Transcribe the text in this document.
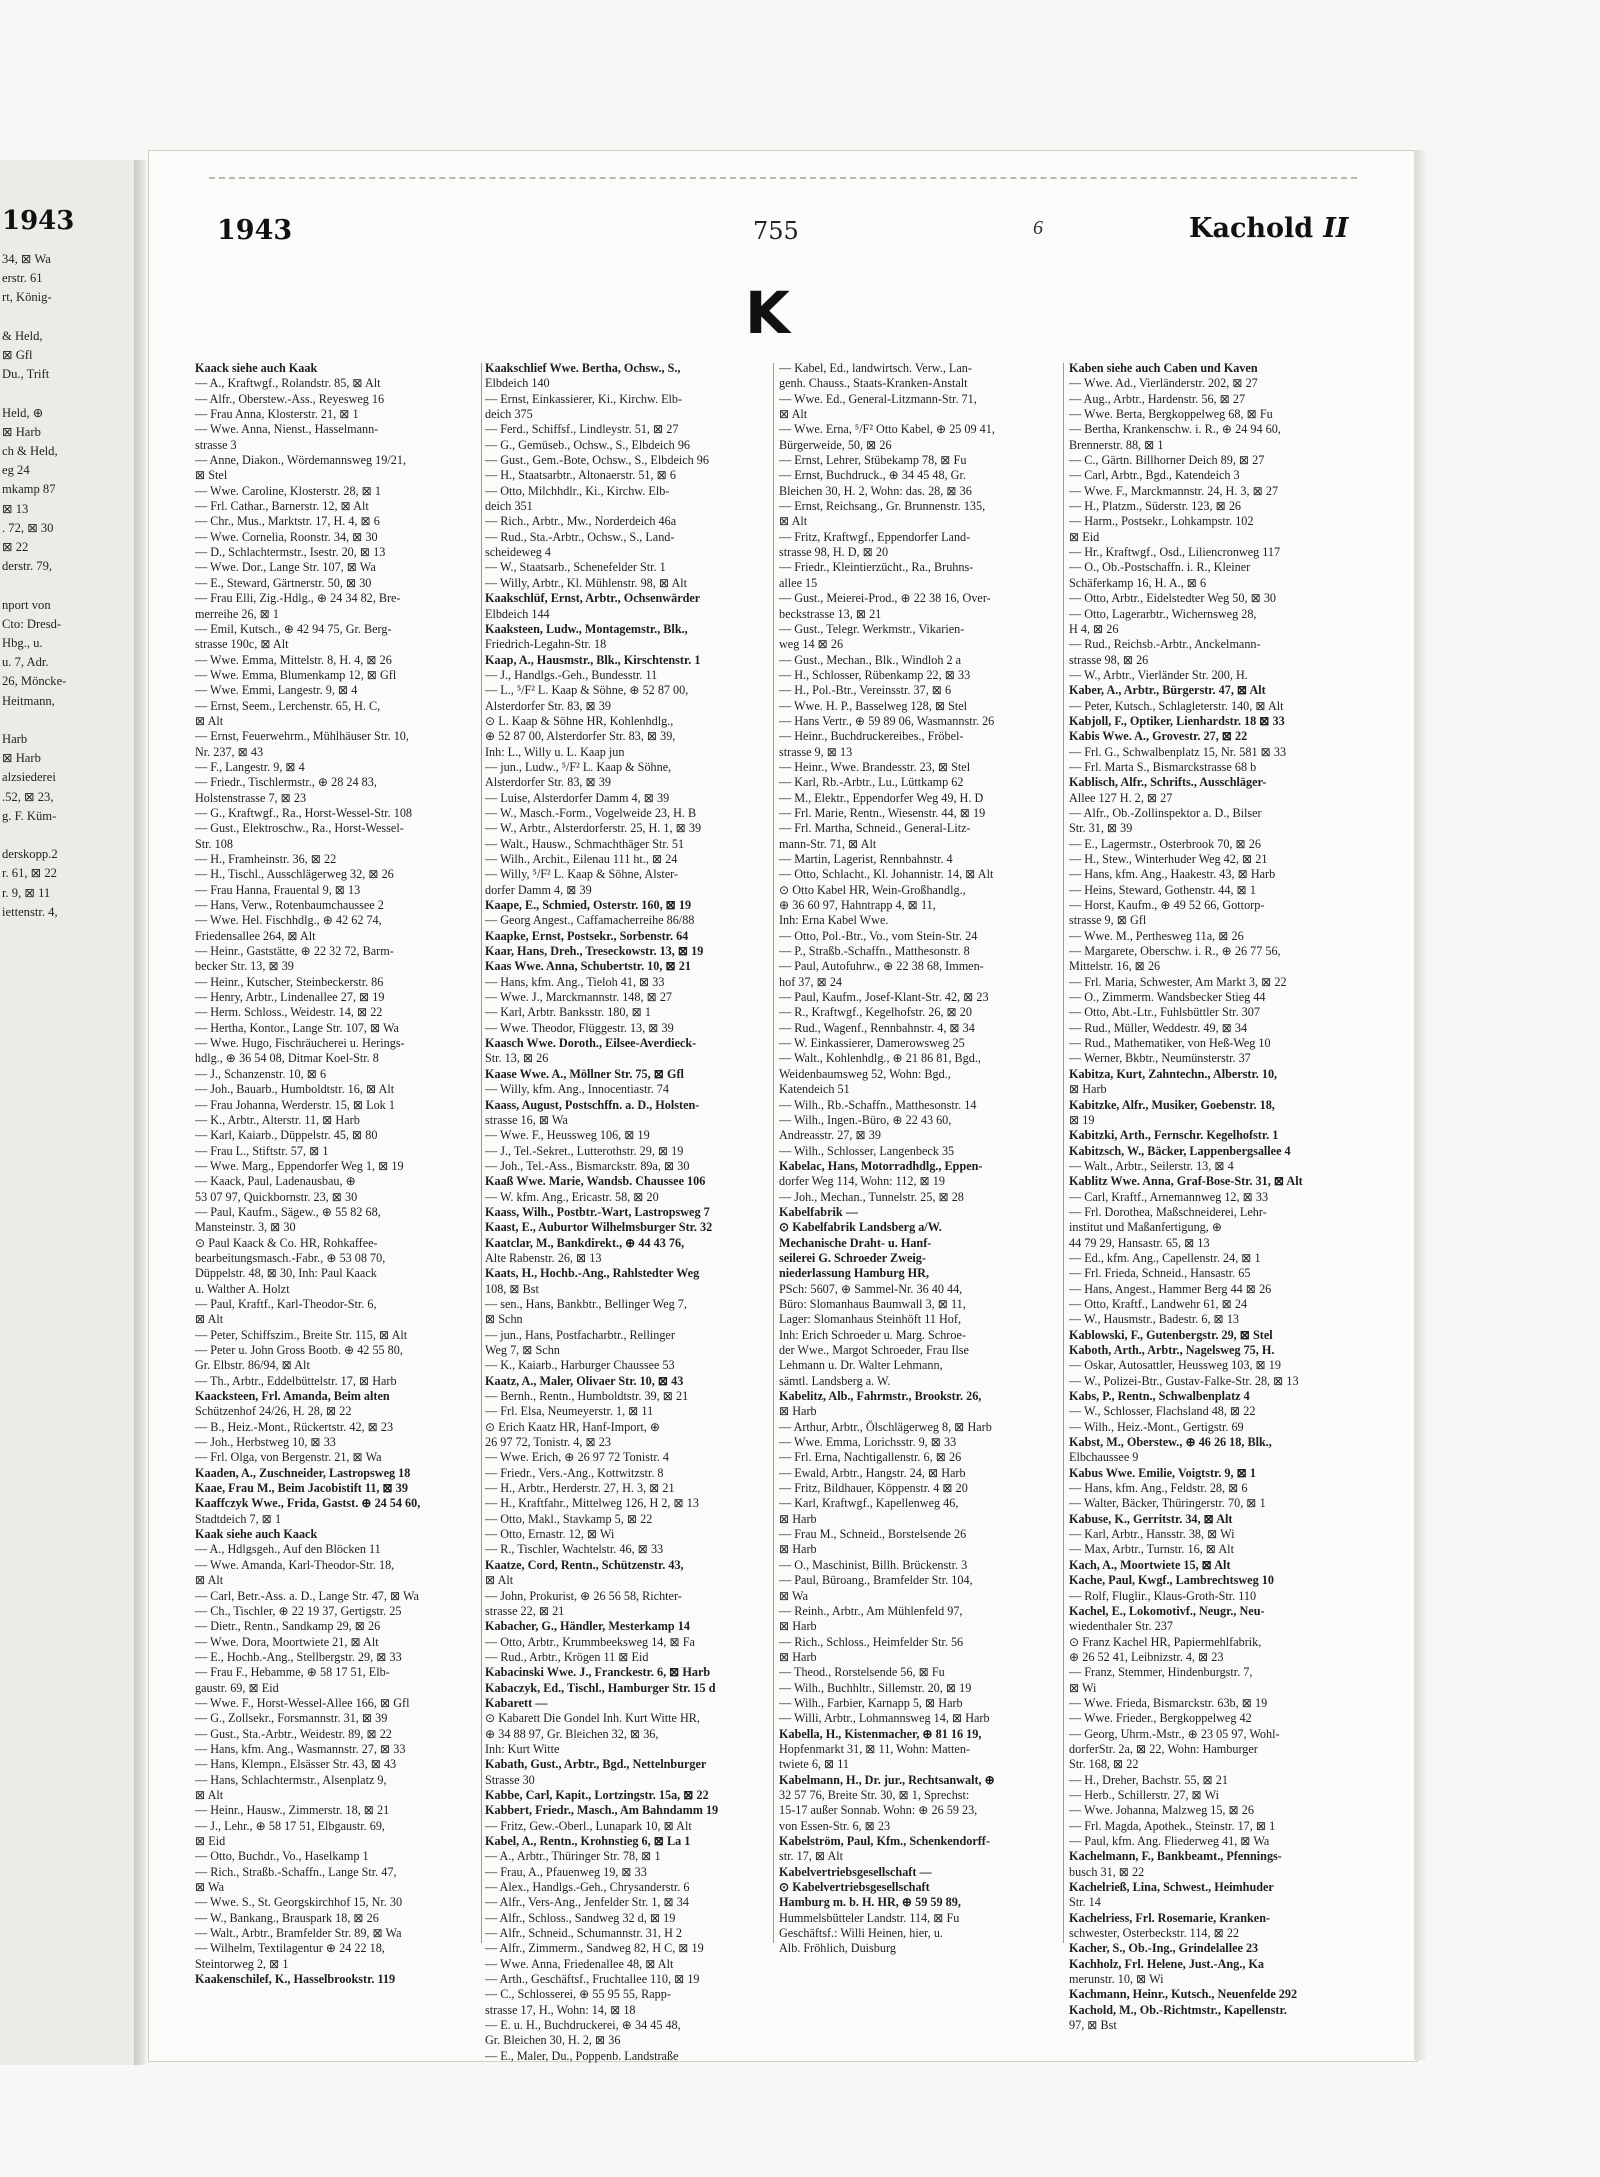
1943
34, ⊠ Wa
erstr. 61
rt, König-
& Held,
⊠ Gfl
Du., Trift
Held, ⊕
⊠ Harb
ch & Held,
eg 24
mkamp 87
⊠ 13
. 72, ⊠ 30
⊠ 22
derstr. 79,
nport von
Cto: Dresd-
Hbg., u.
u. 7, Adr.
26, Möncke-
Heitmann,
Harb
⊠ Harb
alzsiederei
.52, ⊠ 23,
g. F. Küm-
derskopp.2
r. 61, ⊠ 22
r. 9, ⊠ 11
iettenstr. 4,
1943	755	6	Kachold II
K
Kaack siehe auch Kaak
— A., Kraftwgf., Rolandstr. 85, ⊠ Alt
— Alfr., Oberstew.-Ass., Reyesweg 16
— Frau Anna, Klosterstr. 21, ⊠ 1
— Wwe. Anna, Nienst., Hasselmann-
strasse 3
— Anne, Diakon., Wördemannsweg 19/21,
⊠ Stel
— Wwe. Caroline, Klosterstr. 28, ⊠ 1
— Frl. Cathar., Barnerstr. 12, ⊠ Alt
— Chr., Mus., Marktstr. 17, H. 4, ⊠ 6
— Wwe. Cornelia, Roonstr. 34, ⊠ 30
— D., Schlachtermstr., Isestr. 20, ⊠ 13
— Wwe. Dor., Lange Str. 107, ⊠ Wa
— E., Steward, Gärtnerstr. 50, ⊠ 30
— Frau Elli, Zig.-Hdlg., ⊕ 24 34 82, Bre-
merreihe 26, ⊠ 1
— Emil, Kutsch., ⊕ 42 94 75, Gr. Berg-
strasse 190c, ⊠ Alt
— Wwe. Emma, Mittelstr. 8, H. 4, ⊠ 26
— Wwe. Emma, Blumenkamp 12, ⊠ Gfl
— Wwe. Emmi, Langestr. 9, ⊠ 4
— Ernst, Seem., Lerchenstr. 65, H. C,
⊠ Alt
— Ernst, Feuerwehrm., Mühlhäuser Str. 10,
Nr. 237, ⊠ 43
— F., Langestr. 9, ⊠ 4
— Friedr., Tischlermstr., ⊕ 28 24 83,
Holstenstrasse 7, ⊠ 23
— G., Kraftwgf., Ra., Horst-Wessel-Str. 108
— Gust., Elektroschw., Ra., Horst-Wessel-
Str. 108
— H., Framheinstr. 36, ⊠ 22
— H., Tischl., Ausschlägerweg 32, ⊠ 26
— Frau Hanna, Frauental 9, ⊠ 13
— Hans, Verw., Rotenbaumchaussee 2
— Wwe. Hel. Fischhdlg., ⊕ 42 62 74,
Friedensallee 264, ⊠ Alt
— Heinr., Gaststätte, ⊕ 22 32 72, Barm-
becker Str. 13, ⊠ 39
— Heinr., Kutscher, Steinbeckerstr. 86
— Henry, Arbtr., Lindenallee 27, ⊠ 19
— Herm. Schloss., Weidestr. 14, ⊠ 22
— Hertha, Kontor., Lange Str. 107, ⊠ Wa
— Wwe. Hugo, Fischräucherei u. Herings-
hdlg., ⊕ 36 54 08, Ditmar Koel-Str. 8
— J., Schanzenstr. 10, ⊠ 6
— Joh., Bauarb., Humboldtstr. 16, ⊠ Alt
— Frau Johanna, Werderstr. 15, ⊠ Lok 1
— K., Arbtr., Alterstr. 11, ⊠ Harb
— Karl, Kaiarb., Düppelstr. 45, ⊠ 80
— Frau L., Stiftstr. 57, ⊠ 1
— Wwe. Marg., Eppendorfer Weg 1, ⊠ 19
— Kaack, Paul, Ladenausbau, ⊕
53 07 97, Quickbornstr. 23, ⊠ 30
— Paul, Kaufm., Sägew., ⊕ 55 82 68,
Mansteinstr. 3, ⊠ 30
⊙ Paul Kaack & Co. HR, Rohkaffee-
bearbeitungsmasch.-Fabr., ⊕ 53 08 70,
Düppelstr. 48, ⊠ 30, Inh: Paul Kaack
u. Walther A. Holzt
— Paul, Kraftf., Karl-Theodor-Str. 6,
⊠ Alt
— Peter, Schiffszim., Breite Str. 115, ⊠ Alt
— Peter u. John Gross Bootb. ⊕ 42 55 80,
Gr. Elbstr. 86/94, ⊠ Alt
— Th., Arbtr., Eddelbüttelstr. 17, ⊠ Harb
Kaacksteen, Frl. Amanda, Beim alten
Schützenhof 24/26, H. 28, ⊠ 22
— B., Heiz.-Mont., Rückertstr. 42, ⊠ 23
— Joh., Herbstweg 10, ⊠ 33
— Frl. Olga, von Bergenstr. 21, ⊠ Wa
Kaaden, A., Zuschneider, Lastropsweg 18
Kaae, Frau M., Beim Jacobistift 11, ⊠ 39
Kaaffczyk Wwe., Frida, Gastst. ⊕ 24 54 60,
Stadtdeich 7, ⊠ 1
Kaak siehe auch Kaack
— A., Hdlgsgeh., Auf den Blöcken 11
— Wwe. Amanda, Karl-Theodor-Str. 18,
⊠ Alt
— Carl, Betr.-Ass. a. D., Lange Str. 47, ⊠ Wa
— Ch., Tischler, ⊕ 22 19 37, Gertigstr. 25
— Dietr., Rentn., Sandkamp 29, ⊠ 26
— Wwe. Dora, Moortwiete 21, ⊠ Alt
— E., Hochb.-Ang., Stellbergstr. 29, ⊠ 33
— Frau F., Hebamme, ⊕ 58 17 51, Elb-
gaustr. 69, ⊠ Eid
— Wwe. F., Horst-Wessel-Allee 166, ⊠ Gfl
— G., Zollsekr., Forsmannstr. 31, ⊠ 39
— Gust., Sta.-Arbtr., Weidestr. 89, ⊠ 22
— Hans, kfm. Ang., Wasmannstr. 27, ⊠ 33
— Hans, Klempn., Elsässer Str. 43, ⊠ 43
— Hans, Schlachtermstr., Alsenplatz 9,
⊠ Alt
— Heinr., Hausw., Zimmerstr. 18, ⊠ 21
— J., Lehr., ⊕ 58 17 51, Elbgaustr. 69,
⊠ Eid
— Otto, Buchdr., Vo., Haselkamp 1
— Rich., Straßb.-Schaffn., Lange Str. 47,
⊠ Wa
— Wwe. S., St. Georgskirchhof 15, Nr. 30
— W., Bankang., Brauspark 18, ⊠ 26
— Walt., Arbtr., Bramfelder Str. 89, ⊠ Wa
— Wilhelm, Textilagentur ⊕ 24 22 18,
Steintorweg 2, ⊠ 1
Kaakenschilef, K., Hasselbrookstr. 119
Kaakschlief Wwe. Bertha, Ochsw., S.,
Elbdeich 140
— Ernst, Einkassierer, Ki., Kirchw. Elb-
deich 375
— Ferd., Schiffsf., Lindleystr. 51, ⊠ 27
— G., Gemüseb., Ochsw., S., Elbdeich 96
— Gust., Gem.-Bote, Ochsw., S., Elbdeich 96
— H., Staatsarbtr., Altonaerstr. 51, ⊠ 6
— Otto, Milchhdlr., Ki., Kirchw. Elb-
deich 351
— Rich., Arbtr., Mw., Norderdeich 46a
— Rud., Sta.-Arbtr., Ochsw., S., Land-
scheideweg 4
— W., Staatsarb., Schenefelder Str. 1
— Willy, Arbtr., Kl. Mühlenstr. 98, ⊠ Alt
Kaakschlüf, Ernst, Arbtr., Ochsenwärder
Elbdeich 144
Kaaksteen, Ludw., Montagemstr., Blk.,
Friedrich-Legahn-Str. 18
Kaap, A., Hausmstr., Blk., Kirschtenstr. 1
— J., Handlgs.-Geh., Bundesstr. 11
— L., ⁵/F² L. Kaap & Söhne, ⊕ 52 87 00,
Alsterdorfer Str. 83, ⊠ 39
⊙ L. Kaap & Söhne HR, Kohlenhdlg.,
⊕ 52 87 00, Alsterdorfer Str. 83, ⊠ 39,
Inh: L., Willy u. L. Kaap jun
— jun., Ludw., ⁵/F² L. Kaap & Söhne,
Alsterdorfer Str. 83, ⊠ 39
— Luise, Alsterdorfer Damm 4, ⊠ 39
— W., Masch.-Form., Vogelweide 23, H. B
— W., Arbtr., Alsterdorferstr. 25, H. 1, ⊠ 39
— Walt., Hausw., Schmachthäger Str. 51
— Wilh., Archit., Eilenau 111 ht., ⊠ 24
— Willy, ⁵/F² L. Kaap & Söhne, Alster-
dorfer Damm 4, ⊠ 39
Kaape, E., Schmied, Osterstr. 160, ⊠ 19
— Georg Angest., Caffamacherreihe 86/88
Kaapke, Ernst, Postsekr., Sorbenstr. 64
Kaar, Hans, Dreh., Treseckowstr. 13, ⊠ 19
Kaas Wwe. Anna, Schubertstr. 10, ⊠ 21
— Hans, kfm. Ang., Tieloh 41, ⊠ 33
— Wwe. J., Marckmannstr. 148, ⊠ 27
— Karl, Arbtr. Banksstr. 180, ⊠ 1
— Wwe. Theodor, Flüggestr. 13, ⊠ 39
Kaasch Wwe. Doroth., Eilsee-Averdieck-
Str. 13, ⊠ 26
Kaase Wwe. A., Möllner Str. 75, ⊠ Gfl
— Willy, kfm. Ang., Innocentiastr. 74
Kaass, August, Postschffn. a. D., Holsten-
strasse 16, ⊠ Wa
— Wwe. F., Heussweg 106, ⊠ 19
— J., Tel.-Sekret., Lutterothstr. 29, ⊠ 19
— Joh., Tel.-Ass., Bismarckstr. 89a, ⊠ 30
Kaaß Wwe. Marie, Wandsb. Chaussee 106
— W. kfm. Ang., Ericastr. 58, ⊠ 20
Kaass, Wilh., Postbtr.-Wart, Lastropsweg 7
Kaast, E., Auburtor Wilhelmsburger Str. 32
Kaatclar, M., Bankdirekt., ⊕ 44 43 76,
Alte Rabenstr. 26, ⊠ 13
Kaats, H., Hochb.-Ang., Rahlstedter Weg
108, ⊠ Bst
— sen., Hans, Bankbtr., Bellinger Weg 7,
⊠ Schn
— jun., Hans, Postfacharbtr., Rellinger
Weg 7, ⊠ Schn
— K., Kaiarb., Harburger Chaussee 53
Kaatz, A., Maler, Olivaer Str. 10, ⊠ 43
— Bernh., Rentn., Humboldtstr. 39, ⊠ 21
— Frl. Elsa, Neumeyerstr. 1, ⊠ 11
⊙ Erich Kaatz HR, Hanf-Import, ⊕
26 97 72, Tonistr. 4, ⊠ 23
— Wwe. Erich, ⊕ 26 97 72 Tonistr. 4
— Friedr., Vers.-Ang., Kottwitzstr. 8
— H., Arbtr., Herderstr. 27, H. 3, ⊠ 21
— H., Kraftfahr., Mittelweg 126, H 2, ⊠ 13
— Otto, Makl., Stavkamp 5, ⊠ 22
— Otto, Ernastr. 12, ⊠ Wi
— R., Tischler, Wachtelstr. 46, ⊠ 33
Kaatze, Cord, Rentn., Schützenstr. 43,
⊠ Alt
— John, Prokurist, ⊕ 26 56 58, Richter-
strasse 22, ⊠ 21
Kabacher, G., Händler, Mesterkamp 14
— Otto, Arbtr., Krummbeeksweg 14, ⊠ Fa
— Rud., Arbtr., Krögen 11 ⊠ Eid
Kabacinski Wwe. J., Franckestr. 6, ⊠ Harb
Kabaczyk, Ed., Tischl., Hamburger Str. 15 d
Kabarett —
⊙ Kabarett Die Gondel Inh. Kurt Witte HR,
⊕ 34 88 97, Gr. Bleichen 32, ⊠ 36,
Inh: Kurt Witte
Kabath, Gust., Arbtr., Bgd., Nettelnburger
Strasse 30
Kabbe, Carl, Kapit., Lortzingstr. 15a, ⊠ 22
Kabbert, Friedr., Masch., Am Bahndamm 19
— Fritz, Gew.-Oberl., Lunapark 10, ⊠ Alt
Kabel, A., Rentn., Krohnstieg 6, ⊠ La 1
— A., Arbtr., Thüringer Str. 78, ⊠ 1
— Frau, A., Pfauenweg 19, ⊠ 33
— Alex., Handlgs.-Geh., Chrysanderstr. 6
— Alfr., Vers-Ang., Jenfelder Str. 1, ⊠ 34
— Alfr., Schloss., Sandweg 32 d, ⊠ 19
— Alfr., Schneid., Schumannstr. 31, H 2
— Alfr., Zimmerm., Sandweg 82, H C, ⊠ 19
— Wwe. Anna, Friedenallee 48, ⊠ Alt
— Arth., Geschäftsf., Fruchtallee 110, ⊠ 19
— C., Schlosserei, ⊕ 55 95 55, Rapp-
strasse 17, H., Wohn: 14, ⊠ 18
— E. u. H., Buchdruckerei, ⊕ 34 45 48,
Gr. Bleichen 30, H. 2, ⊠ 36
— E., Maler, Du., Poppenb. Landstraße
— Kabel, Ed., landwirtsch. Verw., Lan-
genh. Chauss., Staats-Kranken-Anstalt
— Wwe. Ed., General-Litzmann-Str. 71,
⊠ Alt
— Wwe. Erna, ⁵/F² Otto Kabel, ⊕ 25 09 41,
Bürgerweide, 50, ⊠ 26
— Ernst, Lehrer, Stübekamp 78, ⊠ Fu
— Ernst, Buchdruck., ⊕ 34 45 48, Gr.
Bleichen 30, H. 2, Wohn: das. 28, ⊠ 36
— Ernst, Reichsang., Gr. Brunnenstr. 135,
⊠ Alt
— Fritz, Kraftwgf., Eppendorfer Land-
strasse 98, H. D, ⊠ 20
— Friedr., Kleintierzücht., Ra., Bruhns-
allee 15
— Gust., Meierei-Prod., ⊕ 22 38 16, Over-
beckstrasse 13, ⊠ 21
— Gust., Telegr. Werkmstr., Vikarien-
weg 14 ⊠ 26
— Gust., Mechan., Blk., Windloh 2 a
— H., Schlosser, Rübenkamp 22, ⊠ 33
— H., Pol.-Btr., Vereinsstr. 37, ⊠ 6
— Wwe. H. P., Basselweg 128, ⊠ Stel
— Hans Vertr., ⊕ 59 89 06, Wasmannstr. 26
— Heinr., Buchdruckereibes., Fröbel-
strasse 9, ⊠ 13
— Heinr., Wwe. Brandesstr. 23, ⊠ Stel
— Karl, Rb.-Arbtr., Lu., Lüttkamp 62
— M., Elektr., Eppendorfer Weg 49, H. D
— Frl. Marie, Rentn., Wiesenstr. 44, ⊠ 19
— Frl. Martha, Schneid., General-Litz-
mann-Str. 71, ⊠ Alt
— Martin, Lagerist, Rennbahnstr. 4
— Otto, Schlacht., Kl. Johannistr. 14, ⊠ Alt
⊙ Otto Kabel HR, Wein-Großhandlg.,
⊕ 36 60 97, Hahntrapp 4, ⊠ 11,
Inh: Erna Kabel Wwe.
— Otto, Pol.-Btr., Vo., vom Stein-Str. 24
— P., Straßb.-Schaffn., Matthesonstr. 8
— Paul, Autofuhrw., ⊕ 22 38 68, Immen-
hof 37, ⊠ 24
— Paul, Kaufm., Josef-Klant-Str. 42, ⊠ 23
— R., Kraftwgf., Kegelhofstr. 26, ⊠ 20
— Rud., Wagenf., Rennbahnstr. 4, ⊠ 34
— W. Einkassierer, Damerowsweg 25
— Walt., Kohlenhdlg., ⊕ 21 86 81, Bgd.,
Weidenbaumsweg 52, Wohn: Bgd.,
Katendeich 51
— Wilh., Rb.-Schaffn., Matthesonstr. 14
— Wilh., Ingen.-Büro, ⊕ 22 43 60,
Andreasstr. 27, ⊠ 39
— Wilh., Schlosser, Langenbeck 35
Kabelac, Hans, Motorradhdlg., Eppen-
dorfer Weg 114, Wohn: 112, ⊠ 19
— Joh., Mechan., Tunnelstr. 25, ⊠ 28
Kabelfabrik —
⊙ Kabelfabrik Landsberg a/W.
Mechanische Draht- u. Hanf-
seilerei G. Schroeder Zweig-
niederlassung Hamburg HR,
PSch: 5607, ⊕ Sammel-Nr. 36 40 44,
Büro: Slomanhaus Baumwall 3, ⊠ 11,
Lager: Slomanhaus Steinhöft 11 Hof,
Inh: Erich Schroeder u. Marg. Schroe-
der Wwe., Margot Schroeder, Frau Ilse
Lehmann u. Dr. Walter Lehmann,
sämtl. Landsberg a. W.
Kabelitz, Alb., Fahrmstr., Brookstr. 26,
⊠ Harb
— Arthur, Arbtr., Ölschlägerweg 8, ⊠ Harb
— Wwe. Emma, Lorichsstr. 9, ⊠ 33
— Frl. Erna, Nachtigallenstr. 6, ⊠ 26
— Ewald, Arbtr., Hangstr. 24, ⊠ Harb
— Fritz, Bildhauer, Köppenstr. 4 ⊠ 20
— Karl, Kraftwgf., Kapellenweg 46,
⊠ Harb
— Frau M., Schneid., Borstelsende 26
⊠ Harb
— O., Maschinist, Billh. Brückenstr. 3
— Paul, Büroang., Bramfelder Str. 104,
⊠ Wa
— Reinh., Arbtr., Am Mühlenfeld 97,
⊠ Harb
— Rich., Schloss., Heimfelder Str. 56
⊠ Harb
— Theod., Rorstelsende 56, ⊠ Fu
— Wilh., Buchhltr., Sillemstr. 20, ⊠ 19
— Wilh., Farbier, Karnapp 5, ⊠ Harb
— Willi, Arbtr., Lohmannsweg 14, ⊠ Harb
Kabella, H., Kistenmacher, ⊕ 81 16 19,
Hopfenmarkt 31, ⊠ 11, Wohn: Matten-
twiete 6, ⊠ 11
Kabelmann, H., Dr. jur., Rechtsanwalt, ⊕
32 57 76, Breite Str. 30, ⊠ 1, Sprechst:
15-17 außer Sonnab. Wohn: ⊕ 26 59 23,
von Essen-Str. 6, ⊠ 23
Kabelström, Paul, Kfm., Schenkendorff-
str. 17, ⊠ Alt
Kabelvertriebsgesellschaft —
⊙ Kabelvertriebsgesellschaft
Hamburg m. b. H. HR, ⊕ 59 59 89,
Hummelsbütteler Landstr. 114, ⊠ Fu
Geschäftsf.: Willi Heinen, hier, u.
Alb. Fröhlich, Duisburg
Kaben siehe auch Caben und Kaven
— Wwe. Ad., Vierländerstr. 202, ⊠ 27
— Aug., Arbtr., Hardenstr. 56, ⊠ 27
— Wwe. Berta, Bergkoppelweg 68, ⊠ Fu
— Bertha, Krankenschw. i. R., ⊕ 24 94 60,
Brennerstr. 88, ⊠ 1
— C., Gärtn. Billhorner Deich 89, ⊠ 27
— Carl, Arbtr., Bgd., Katendeich 3
— Wwe. F., Marckmannstr. 24, H. 3, ⊠ 27
— H., Platzm., Süderstr. 123, ⊠ 26
— Harm., Postsekr., Lohkampstr. 102
⊠ Eid
— Hr., Kraftwgf., Osd., Liliencronweg 117
— O., Ob.-Postschaffn. i. R., Kleiner
Schäferkamp 16, H. A., ⊠ 6
— Otto, Arbtr., Eidelstedter Weg 50, ⊠ 30
— Otto, Lagerarbtr., Wichernsweg 28,
H 4, ⊠ 26
— Rud., Reichsb.-Arbtr., Anckelmann-
strasse 98, ⊠ 26
— W., Arbtr., Vierländer Str. 200, H.
Kaber, A., Arbtr., Bürgerstr. 47, ⊠ Alt
— Peter, Kutsch., Schlagleterstr. 140, ⊠ Alt
Kabjoll, F., Optiker, Lienhardstr. 18 ⊠ 33
Kabis Wwe. A., Grovestr. 27, ⊠ 22
— Frl. G., Schwalbenplatz 15, Nr. 581 ⊠ 33
— Frl. Marta S., Bismarckstrasse 68 b
Kablisch, Alfr., Schrifts., Ausschläger-
Allee 127 H. 2, ⊠ 27
— Alfr., Ob.-Zollinspektor a. D., Bilser
Str. 31, ⊠ 39
— E., Lagermstr., Osterbrook 70, ⊠ 26
— H., Stew., Winterhuder Weg 42, ⊠ 21
— Hans, kfm. Ang., Haakestr. 43, ⊠ Harb
— Heins, Steward, Gothenstr. 44, ⊠ 1
— Horst, Kaufm., ⊕ 49 52 66, Gottorp-
strasse 9, ⊠ Gfl
— Wwe. M., Perthesweg 11a, ⊠ 26
— Margarete, Oberschw. i. R., ⊕ 26 77 56,
Mittelstr. 16, ⊠ 26
— Frl. Maria, Schwester, Am Markt 3, ⊠ 22
— O., Zimmerm. Wandsbecker Stieg 44
— Otto, Abt.-Ltr., Fuhlsbüttler Str. 307
— Rud., Müller, Weddestr. 49, ⊠ 34
— Rud., Mathematiker, von Heß-Weg 10
— Werner, Bkbtr., Neumünsterstr. 37
Kabitza, Kurt, Zahntechn., Alberstr. 10,
⊠ Harb
Kabitzke, Alfr., Musiker, Goebenstr. 18,
⊠ 19
Kabitzki, Arth., Fernschr. Kegelhofstr. 1
Kabitzsch, W., Bäcker, Lappenbergsallee 4
— Walt., Arbtr., Seilerstr. 13, ⊠ 4
Kablitz Wwe. Anna, Graf-Bose-Str. 31, ⊠ Alt
— Carl, Kraftf., Arnemannweg 12, ⊠ 33
— Frl. Dorothea, Maßschneiderei, Lehr-
institut und Maßanfertigung, ⊕
44 79 29, Hansastr. 65, ⊠ 13
— Ed., kfm. Ang., Capellenstr. 24, ⊠ 1
— Frl. Frieda, Schneid., Hansastr. 65
— Hans, Angest., Hammer Berg 44 ⊠ 26
— Otto, Kraftf., Landwehr 61, ⊠ 24
— W., Hausmstr., Badestr. 6, ⊠ 13
Kablowski, F., Gutenbergstr. 29, ⊠ Stel
Kaboth, Arth., Arbtr., Nagelsweg 75, H.
— Oskar, Autosattler, Heussweg 103, ⊠ 19
— W., Polizei-Btr., Gustav-Falke-Str. 28, ⊠ 13
Kabs, P., Rentn., Schwalbenplatz 4
— W., Schlosser, Flachsland 48, ⊠ 22
— Wilh., Heiz.-Mont., Gertigstr. 69
Kabst, M., Oberstew., ⊕ 46 26 18, Blk.,
Elbchaussee 9
Kabus Wwe. Emilie, Voigtstr. 9, ⊠ 1
— Hans, kfm. Ang., Feldstr. 28, ⊠ 6
— Walter, Bäcker, Thüringerstr. 70, ⊠ 1
Kabuse, K., Gerritstr. 34, ⊠ Alt
— Karl, Arbtr., Hansstr. 38, ⊠ Wi
— Max, Arbtr., Turnstr. 16, ⊠ Alt
Kach, A., Moortwiete 15, ⊠ Alt
Kache, Paul, Kwgf., Lambrechtsweg 10
— Rolf, Fluglir., Klaus-Groth-Str. 110
Kachel, E., Lokomotivf., Neugr., Neu-
wiedenthaler Str. 237
⊙ Franz Kachel HR, Papiermehlfabrik,
⊕ 26 52 41, Leibnizstr. 4, ⊠ 23
— Franz, Stemmer, Hindenburgstr. 7,
⊠ Wi
— Wwe. Frieda, Bismarckstr. 63b, ⊠ 19
— Wwe. Frieder., Bergkoppelweg 42
— Georg, Uhrm.-Mstr., ⊕ 23 05 97, Wohl-
dorferStr. 2a, ⊠ 22, Wohn: Hamburger
Str. 168, ⊠ 22
— H., Dreher, Bachstr. 55, ⊠ 21
— Herb., Schillerstr. 27, ⊠ Wi
— Wwe. Johanna, Malzweg 15, ⊠ 26
— Frl. Magda, Apothek., Steinstr. 17, ⊠ 1
— Paul, kfm. Ang. Fliederweg 41, ⊠ Wa
Kachelmann, F., Bankbeamt., Pfennings-
busch 31, ⊠ 22
Kachelrieß, Lina, Schwest., Heimhuder
Str. 14
Kachelriess, Frl. Rosemarie, Kranken-
schwester, Osterbeckstr. 114, ⊠ 22
Kacher, S., Ob.-Ing., Grindelallee 23
Kachholz, Frl. Helene, Just.-Ang., Ka
merunstr. 10, ⊠ Wi
Kachmann, Heinr., Kutsch., Neuenfelde 292
Kachold, M., Ob.-Richtmstr., Kapellenstr.
97, ⊠ Bst
